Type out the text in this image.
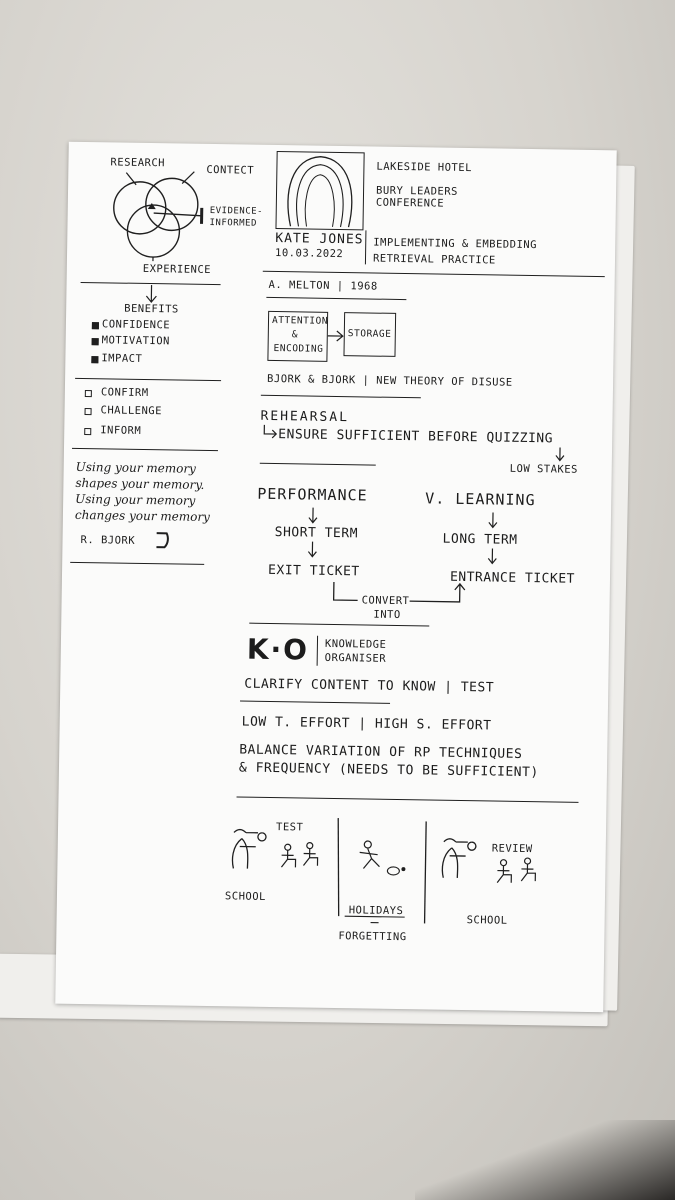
RESEARCH
CONTECT
EVIDENCE-
INFORMED
EXPERIENCE
KATE JONES
10.03.2022
LAKESIDE HOTEL
BURY LEADERS
CONFERENCE
IMPLEMENTING & EMBEDDING
RETRIEVAL PRACTICE
BENEFITS
CONFIDENCE
MOTIVATION
IMPACT
CONFIRM
CHALLENGE
INFORM
Using your memory
shapes your memory.
Using your memory
changes your memory
R. BJORK
A. MELTON | 1968
ATTENTION
&
ENCODING
STORAGE
BJORK & BJORK | NEW THEORY OF DISUSE
REHEARSAL
ENSURE SUFFICIENT BEFORE QUIZZING
LOW STAKES
PERFORMANCE	V. LEARNING
SHORT TERM	LONG TERM
EXIT TICKET	ENTRANCE TICKET
CONVERT
INTO
K·O KNOWLEDGE
ORGANISER
CLARIFY CONTENT TO KNOW | TEST
LOW T. EFFORT | HIGH S. EFFORT
BALANCE VARIATION OF RP TECHNIQUES
& FREQUENCY (NEEDS TO BE SUFFICIENT)
TEST
REVIEW
SCHOOL
HOLIDAYS
SCHOOL
FORGETTING
